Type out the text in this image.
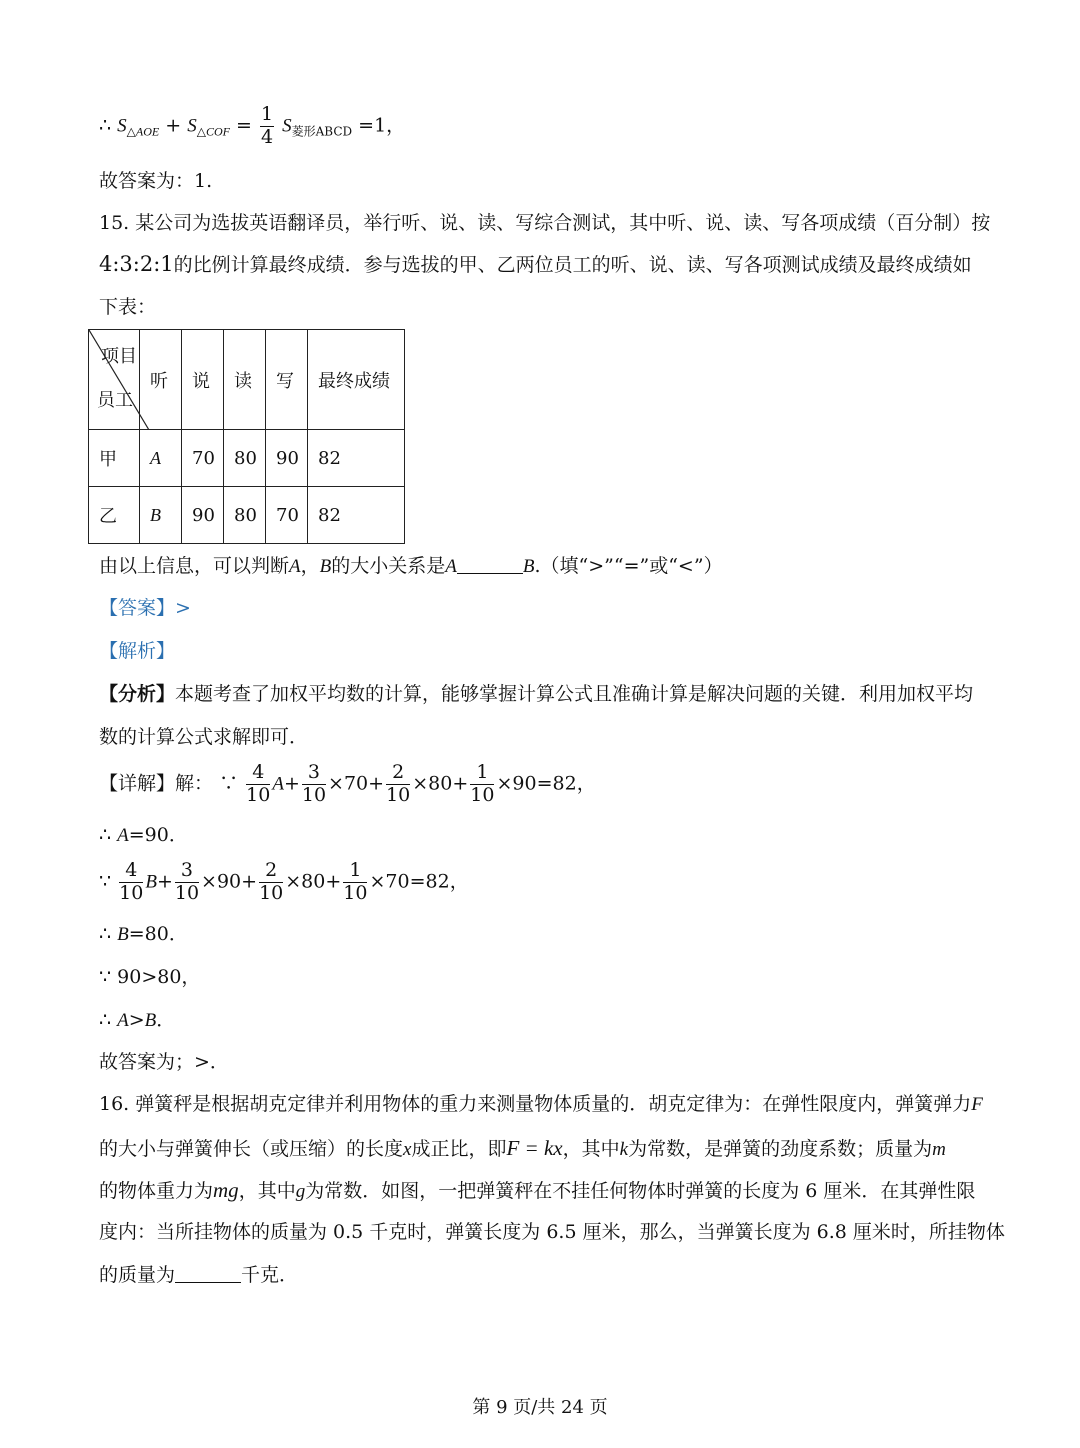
∴ $S_{\triangle AOE} + S_{\triangle COF} = \frac{1}{4} S_{菱形ABCD} =1$，
故答案为：1.
15. 某公司为选拔英语翻译员，举行听、说、读、写综合测试，其中听、说、读、写各项成绩（百分制）按
4:3:2:1的比例计算最终成绩．参与选拔的甲、乙两位员工的听、说、读、写各项测试成绩及最终成绩如
下表：
项目
员工	听	说	读	写	最终成绩
甲	A	70	80	90	82
乙	B	90	80	70	82
由以上信息，可以判断A，B的大小关系是A	B.（填“>”“=”或“<”）
【答案】>
【解析】
【分析】本题考查了加权平均数的计算，能够掌握计算公式且准确计算是解决问题的关键．利用加权平均
数的计算公式求解即可．
【详解】解： ∵ $\frac{4}{10} A+ \frac{3}{10} \times 70+ \frac{2}{10} \times 80+ \frac{1}{10} \times 90=82$，
∴ A=90．
∵ $\frac{4}{10} B+ \frac{3}{10} \times 90+ \frac{2}{10} \times 80+ \frac{1}{10} \times 70=82$，
∴ B=80．
∵ 90>80，
∴ A>B．
故答案为；>．
16. 弹簧秤是根据胡克定律并利用物体的重力来测量物体质量的．胡克定律为：在弹性限度内，弹簧弹力F
的大小与弹簧伸长（或压缩）的长度x成正比，即F = kx，其中k为常数，是弹簧的劲度系数；质量为m
的物体重力为mg，其中g为常数．如图，一把弹簧秤在不挂任何物体时弹簧的长度为 6 厘米．在其弹性限
度内：当所挂物体的质量为 0.5 千克时，弹簧长度为 6.5 厘米，那么，当弹簧长度为 6.8 厘米时，所挂物体
的质量为	千克．
第 9 页/共 24 页
